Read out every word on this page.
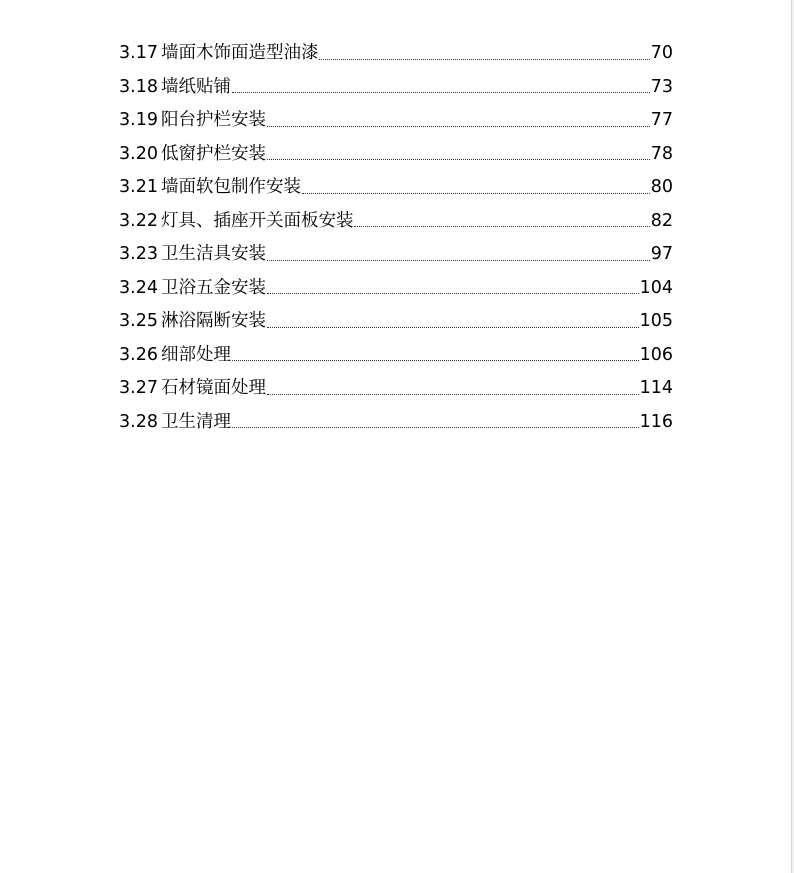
3.17 墙面木饰面造型油漆	70
3.18 墙纸贴铺	73
3.19 阳台护栏安装	77
3.20 低窗护栏安装	78
3.21 墙面软包制作安装	80
3.22 灯具、插座开关面板安装	82
3.23 卫生洁具安装	97
3.24 卫浴五金安装	104
3.25 淋浴隔断安装	105
3.26 细部处理	106
3.27 石材镜面处理	114
3.28 卫生清理	116
